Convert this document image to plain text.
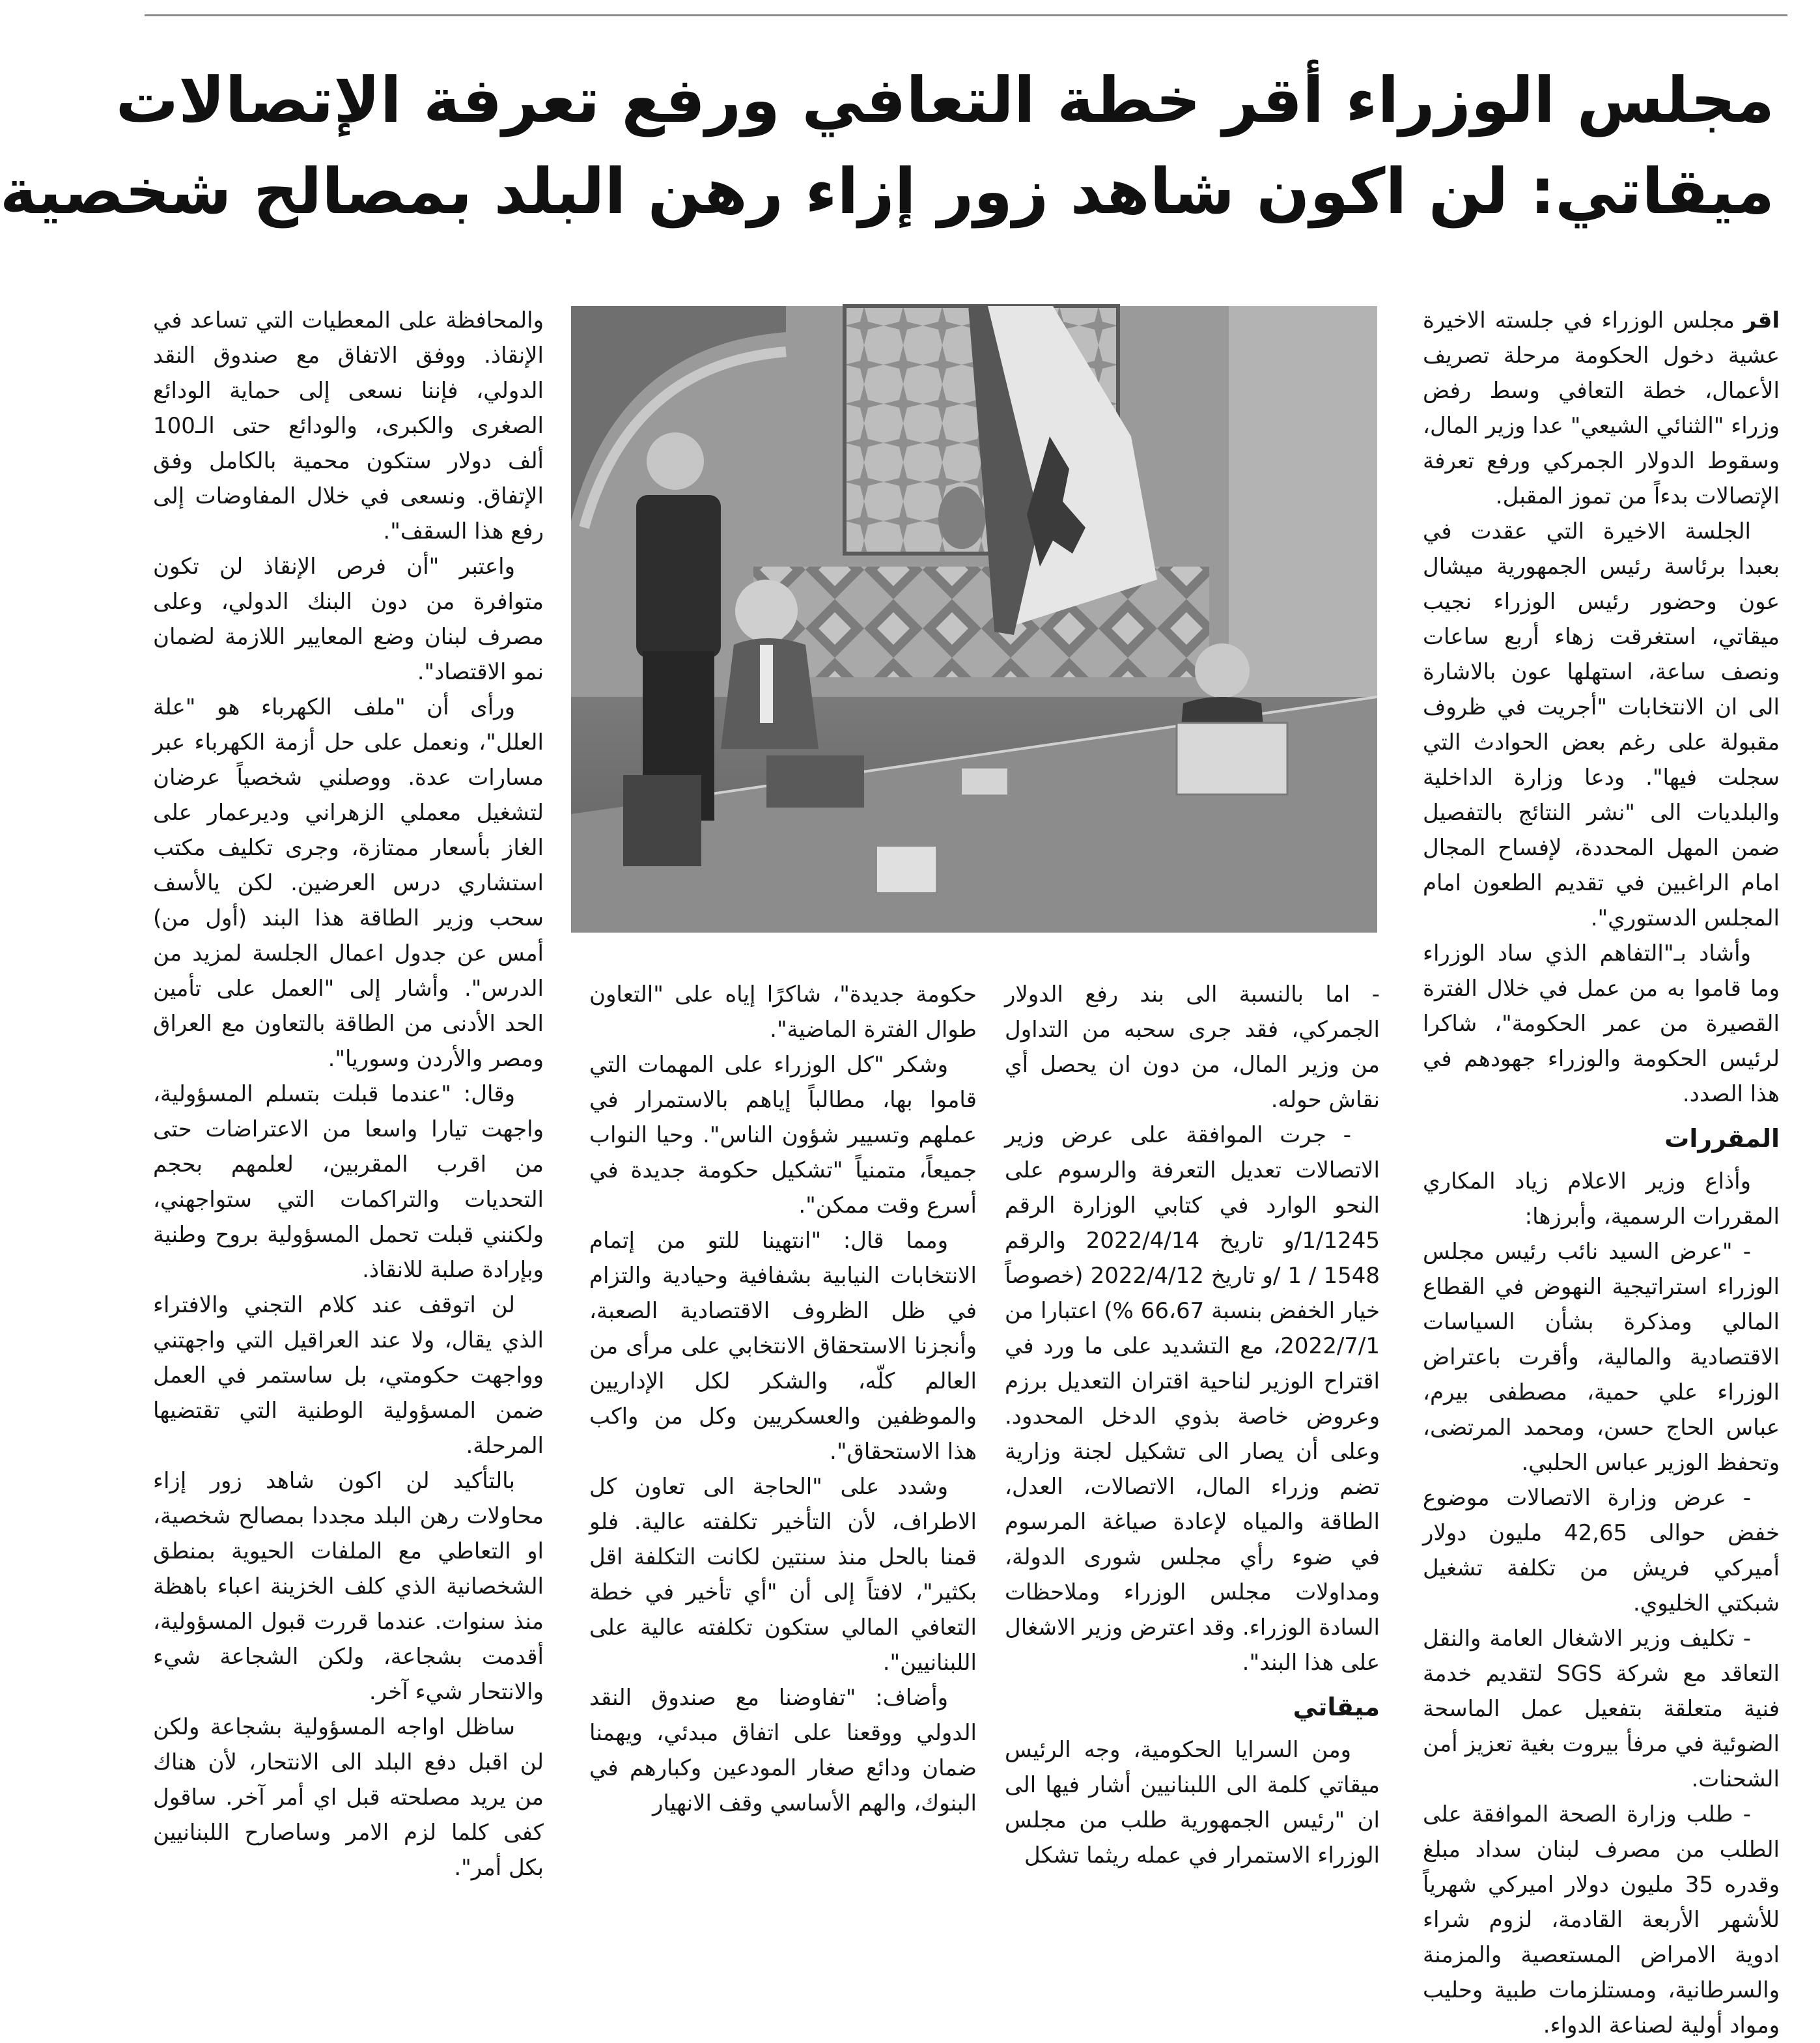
مجلس الوزراء أقر خطة التعافي ورفع تعرفة الإتصالات
ميقاتي: لن اكون شاهد زور إزاء رهن البلد بمصالح شخصية

اقر مجلس الوزراء في جلسته الاخيرة عشية دخول الحكومة مرحلة تصريف الأعمال، خطة التعافي وسط رفض وزراء "الثنائي الشيعي" عدا وزير المال، وسقوط الدولار الجمركي ورفع تعرفة الإتصالات بدءاً من تموز المقبل.

الجلسة الاخيرة التي عقدت في بعبدا برئاسة رئيس الجمهورية ميشال عون وحضور رئيس الوزراء نجيب ميقاتي، استغرقت زهاء أربع ساعات ونصف ساعة، استهلها عون بالاشارة الى ان الانتخابات "أجريت في ظروف مقبولة على رغم بعض الحوادث التي سجلت فيها". ودعا وزارة الداخلية والبلديات الى "نشر النتائج بالتفصيل ضمن المهل المحددة، لإفساح المجال امام الراغبين في تقديم الطعون امام المجلس الدستوري".

وأشاد بـ"التفاهم الذي ساد الوزراء وما قاموا به من عمل في خلال الفترة القصيرة من عمر الحكومة"، شاكرا لرئيس الحكومة والوزراء جهودهم في هذا الصدد.

المقررات

وأذاع وزير الاعلام زياد المكاري المقررات الرسمية، وأبرزها:

- "عرض السيد نائب رئيس مجلس الوزراء استراتيجية النهوض في القطاع المالي ومذكرة بشأن السياسات الاقتصادية والمالية، وأقرت باعتراض الوزراء علي حمية، مصطفى بيرم، عباس الحاج حسن، ومحمد المرتضى، وتحفظ الوزير عباس الحلبي.

- عرض وزارة الاتصالات موضوع خفض حوالى 42,65 مليون دولار أميركي فريش من تكلفة تشغيل شبكتي الخليوي.

- تكليف وزير الاشغال العامة والنقل التعاقد مع شركة SGS لتقديم خدمة فنية متعلقة بتفعيل عمل الماسحة الضوئية في مرفأ بيروت بغية تعزيز أمن الشحنات.

- طلب وزارة الصحة الموافقة على الطلب من مصرف لبنان سداد مبلغ وقدره 35 مليون دولار اميركي شهرياً للأشهر الأربعة القادمة، لزوم شراء ادوية الامراض المستعصية والمزمنة والسرطانية، ومستلزمات طبية وحليب ومواد أولية لصناعة الدواء.

والمحافظة على المعطيات التي تساعد في الإنقاذ. ووفق الاتفاق مع صندوق النقد الدولي، فإننا نسعى إلى حماية الودائع الصغرى والكبرى، والودائع حتى الـ100 ألف دولار ستكون محمية بالكامل وفق الإتفاق. ونسعى في خلال المفاوضات إلى رفع هذا السقف".

واعتبر "أن فرص الإنقاذ لن تكون متوافرة من دون البنك الدولي، وعلى مصرف لبنان وضع المعايير اللازمة لضمان نمو الاقتصاد".

ورأى أن "ملف الكهرباء هو "علة العلل"، ونعمل على حل أزمة الكهرباء عبر مسارات عدة. ووصلني شخصياً عرضان لتشغيل معملي الزهراني وديرعمار على الغاز بأسعار ممتازة، وجرى تكليف مكتب استشاري درس العرضين. لكن يالأسف سحب وزير الطاقة هذا البند (أول من) أمس عن جدول اعمال الجلسة لمزيد من الدرس". وأشار إلى "العمل على تأمين الحد الأدنى من الطاقة بالتعاون مع العراق ومصر والأردن وسوريا".

وقال: "عندما قبلت بتسلم المسؤولية، واجهت تيارا واسعا من الاعتراضات حتى من اقرب المقربين، لعلمهم بحجم التحديات والتراكمات التي ستواجهني، ولكنني قبلت تحمل المسؤولية بروح وطنية وبإرادة صلبة للانقاذ.

لن اتوقف عند كلام التجني والافتراء الذي يقال، ولا عند العراقيل التي واجهتني وواجهت حكومتي، بل ساستمر في العمل ضمن المسؤولية الوطنية التي تقتضيها المرحلة.

بالتأكيد لن اكون شاهد زور إزاء محاولات رهن البلد مجددا بمصالح شخصية، او التعاطي مع الملفات الحيوية بمنطق الشخصانية الذي كلف الخزينة اعباء باهظة منذ سنوات. عندما قررت قبول المسؤولية، أقدمت بشجاعة، ولكن الشجاعة شيء والانتحار شيء آخر.

ساظل اواجه المسؤولية بشجاعة ولكن لن اقبل دفع البلد الى الانتحار، لأن هناك من يريد مصلحته قبل اي أمر آخر. ساقول كفى كلما لزم الامر وساصارح اللبنانيين بكل أمر".

- اما بالنسبة الى بند رفع الدولار الجمركي، فقد جرى سحبه من التداول من وزير المال، من دون ان يحصل أي نقاش حوله.

- جرت الموافقة على عرض وزير الاتصالات تعديل التعرفة والرسوم على النحو الوارد في كتابي الوزارة الرقم 1/1245/و تاريخ 2022/4/14 والرقم 1548 / 1 /و تاريخ 2022/4/12 (خصوصاً خيار الخفض بنسبة 66،67 %) اعتبارا من 2022/7/1، مع التشديد على ما ورد في اقتراح الوزير لناحية اقتران التعديل برزم وعروض خاصة بذوي الدخل المحدود. وعلى أن يصار الى تشكيل لجنة وزارية تضم وزراء المال، الاتصالات، العدل، الطاقة والمياه لإعادة صياغة المرسوم في ضوء رأي مجلس شورى الدولة، ومداولات مجلس الوزراء وملاحظات السادة الوزراء. وقد اعترض وزير الاشغال على هذا البند".

ميقاتي

ومن السرايا الحكومية، وجه الرئيس ميقاتي كلمة الى اللبنانيين أشار فيها الى ان "رئيس الجمهورية طلب من مجلس الوزراء الاستمرار في عمله ريثما تشكل

حكومة جديدة"، شاكرًا إياه على "التعاون طوال الفترة الماضية".

وشكر "كل الوزراء على المهمات التي قاموا بها، مطالباً إياهم بالاستمرار في عملهم وتسيير شؤون الناس". وحيا النواب جميعاً، متمنياً "تشكيل حكومة جديدة في أسرع وقت ممكن".

ومما قال: "انتهينا للتو من إتمام الانتخابات النيابية بشفافية وحيادية والتزام في ظل الظروف الاقتصادية الصعبة، وأنجزنا الاستحقاق الانتخابي على مرأى من العالم كلّه، والشكر لكل الإداريين والموظفين والعسكريين وكل من واكب هذا الاستحقاق".

وشدد على "الحاجة الى تعاون كل الاطراف، لأن التأخير تكلفته عالية. فلو قمنا بالحل منذ سنتين لكانت التكلفة اقل بكثير"، لافتاً إلى أن "أي تأخير في خطة التعافي المالي ستكون تكلفته عالية على اللبنانيين".

وأضاف: "تفاوضنا مع صندوق النقد الدولي ووقعنا على اتفاق مبدئي، ويهمنا ضمان ودائع صغار المودعين وكبارهم في البنوك، والهم الأساسي وقف الانهيار
